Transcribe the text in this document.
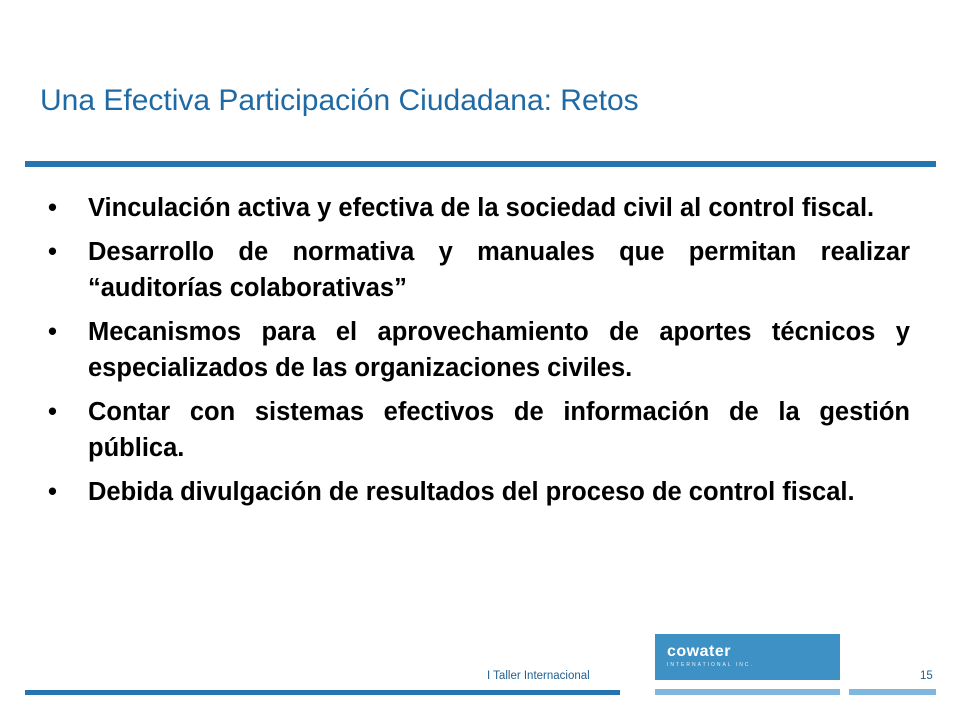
Una Efectiva Participación Ciudadana: Retos
•	Vinculación activa y efectiva de la sociedad civil al control fiscal.
•	Desarrollo de normativa y manuales que permitan realizar “auditorías colaborativas”
•	Mecanismos para el aprovechamiento de aportes técnicos y especializados de las organizaciones civiles.
•	Contar con sistemas efectivos de información de la gestión pública.
•	Debida divulgación de resultados del proceso de control fiscal.
I Taller Internacional	15
cowater
INTERNATIONAL INC.
